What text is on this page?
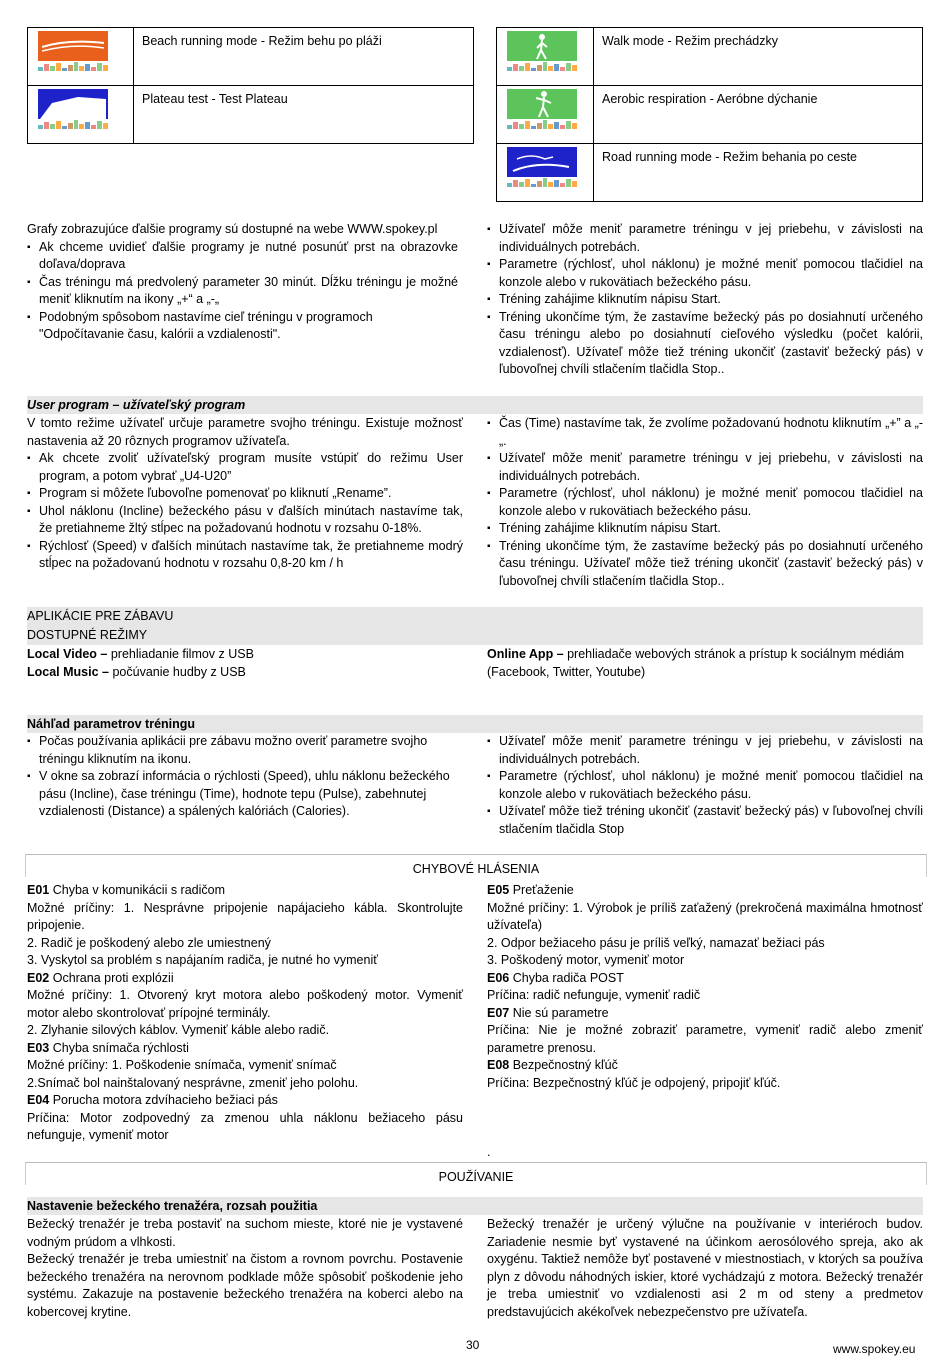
	Beach running mode - Režim behu po pláži

	Plateau test - Test Plateau
	Walk mode - Režim prechádzky

	Aerobic respiration - Aeróbne dýchanie

	Road running mode - Režim behania po ceste

Grafy zobrazujúce ďalšie programy sú dostupné na webe WWW.spokey.pl

▪ Ak chceme uvidieť ďalšie programy je nutné posunúť prst na obrazovke doľava/doprava
▪ Čas tréningu má predvolený parameter 30 minút. Dĺžku tréningu je možné meniť kliknutím na ikony „+“ a „-„
▪ Podobným spôsobom nastavíme cieľ tréningu v programoch "Odpočítavanie času, kalórii a vzdialenosti".
▪ Užívateľ môže meniť parametre tréningu v jej priebehu, v závislosti na individuálnych potrebách.
▪ Parametre (rýchlosť, uhol náklonu) je možné meniť pomocou tlačidiel na konzole alebo v rukovätiach bežeckého pásu.
▪ Tréning zahájime kliknutím nápisu Start.
▪ Tréning ukončíme tým, že zastavíme bežecký pás po dosiahnutí určeného času tréningu alebo po dosiahnutí cieľového výsledku (počet kalórii, vzdialenosť). Užívateľ môže tiež tréning ukončiť (zastaviť bežecký pás) v ľubovoľnej chvíli stlačením tlačidla Stop..
User program – užívateľský program

V tomto režime užívateľ určuje parametre svojho tréningu. Existuje možnosť nastavenia až 20 rôznych programov užívateľa.

▪ Ak chcete zvoliť užívateľský program musíte vstúpiť do režimu User program, a potom vybrať „U4-U20”
▪ Program si môžete ľubovoľne pomenovať po kliknutí „Rename”.
▪ Uhol náklonu (Incline) bežeckého pásu v ďalších minútach nastavíme tak, že pretiahneme žltý stĺpec na požadovanú hodnotu v rozsahu 0-18%.
▪ Rýchlosť (Speed) v ďalších minútach nastavíme tak, že pretiahneme modrý stĺpec na požadovanú hodnotu v rozsahu 0,8-20 km / h
▪ Čas (Time) nastavíme tak, že zvolíme požadovanú hodnotu kliknutím „+” a „-„.
▪ Užívateľ môže meniť parametre tréningu v jej priebehu, v závislosti na individuálnych potrebách.
▪ Parametre (rýchlosť, uhol náklonu) je možné meniť pomocou tlačidiel na konzole alebo v rukovätiach bežeckého pásu.
▪ Tréning zahájime kliknutím nápisu Start.
▪ Tréning ukončíme tým, že zastavíme bežecký pás po dosiahnutí určeného času tréningu. Užívateľ môže tiež tréning ukončiť (zastaviť bežecký pás) v ľubovoľnej chvíli stlačením tlačidla Stop..
APLIKÁCIE PRE ZÁBAVU
DOSTUPNÉ REŽIMY

Local Video – prehliadanie filmov z USB

Local Music – počúvanie hudby z USB

Online App – prehliadače webových stránok a prístup k sociálnym médiám (Facebook, Twitter, Youtube)

Náhľad parametrov tréningu
▪ Počas používania aplikácii pre zábavu možno overiť parametre svojho tréningu kliknutím na ikonu.
▪ V okne sa zobrazí informácia o rýchlosti (Speed), uhlu náklonu bežeckého pásu (Incline), čase tréningu (Time), hodnote tepu (Pulse), zabehnutej vzdialenosti (Distance) a spálených kalóriách (Calories).
▪ Užívateľ môže meniť parametre tréningu v jej priebehu, v závislosti na individuálnych potrebách.
▪ Parametre (rýchlosť, uhol náklonu) je možné meniť pomocou tlačidiel na konzole alebo v rukovätiach bežeckého pásu.
▪ Užívateľ môže tiež tréning ukončiť (zastaviť bežecký pás) v ľubovoľnej chvíli stlačením tlačidla Stop
CHYBOVÉ HLÁSENIA

E01 Chyba v komunikácii s radičom

Možné príčiny: 1. Nesprávne pripojenie napájacieho kábla. Skontrolujte pripojenie.

2. Radič je poškodený alebo zle umiestnený

3. Vyskytol sa problém s napájaním radiča, je nutné ho vymeniť

E02 Ochrana proti explózii

Možné príčiny: 1. Otvorený kryt motora alebo poškodený motor. Vymeniť motor alebo skontrolovať prípojné terminály.

2. Zlyhanie silových káblov. Vymeniť káble alebo radič.

E03 Chyba snímača rýchlosti

Možné príčiny: 1. Poškodenie snímača, vymeniť snímač

2.Snímač bol nainštalovaný nesprávne, zmeniť jeho polohu.

E04 Porucha motora zdvíhacieho bežiaci pás

Príčina: Motor zodpovedný za zmenou uhla náklonu bežiaceho pásu nefunguje, vymeniť motor

E05 Preťaženie

Možné príčiny: 1. Výrobok je príliš zaťažený (prekročená maximálna hmotnosť užívateľa)

2. Odpor bežiaceho pásu je príliš veľký, namazať bežiaci pás

3. Poškodený motor, vymeniť motor

E06 Chyba radiča POST

Príčina: radič nefunguje, vymeniť radič

E07 Nie sú parametre

Príčina: Nie je možné zobraziť parametre, vymeniť radič alebo zmeniť parametre prenosu.

E08 Bezpečnostný kľúč

Príčina: Bezpečnostný kľúč je odpojený, pripojiť kľúč.

.
POUŽÍVANIE
Nastavenie bežeckého trenažéra, rozsah použitia

Bežecký trenažér je treba postaviť na suchom mieste, ktoré nie je vystavené vodným prúdom a vlhkosti.

Bežecký trenažér je treba umiestniť na čistom a rovnom povrchu. Postavenie bežeckého trenažéra na nerovnom podklade môže spôsobiť poškodenie jeho systému. Zakazuje na postavenie bežeckého trenažéra na koberci alebo na kobercovej krytine.

Bežecký trenažér je určený výlučne na používanie v interiéroch budov. Zariadenie nesmie byť vystavené na účinkom aerosólového spreja, ako ak oxygénu. Taktiež nemôže byť postavené v miestnostiach, v ktorých sa používa plyn z dôvodu náhodných iskier, ktoré vychádzajú z motora. Bežecký trenažér je treba umiestniť vo vzdialenosti asi 2 m od steny a predmetov predstavujúcich akékoľvek nebezpečenstvo pre užívateľa.

30	www.spokey.eu
